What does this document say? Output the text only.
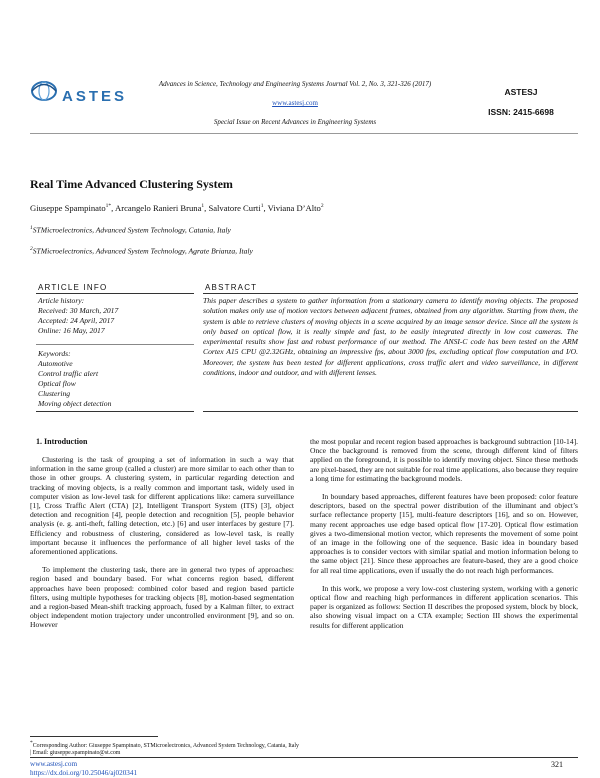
ASTES
Advances in Science, Technology and Engineering Systems Journal Vol. 2, No. 3, 321-326 (2017)
www.astesj.com
Special Issue on Recent Advances in Engineering Systems
ASTESJ
ISSN: 2415-6698
Real Time Advanced Clustering System
Giuseppe Spampinato$^{1*}$, Arcangelo Ranieri Bruna$^1$, Salvatore Curti$^1$, Viviana D’Alto$^2$
$^1$STMicroelectronics, Advanced System Technology, Catania, Italy
$^2$STMicroelectronics, Advanced System Technology, Agrate Brianza, Italy
ARTICLE INFO
Article history:
Received: 30 March, 2017
Accepted: 24 April, 2017
Online: 16 May, 2017
Keywords:
Automotive
Control traffic alert
Optical flow
Clustering
Moving object detection
ABSTRACT
This paper describes a system to gather information from a stationary camera to identify moving objects. The proposed solution makes only use of motion vectors between adjacent frames, obtained from any algorithm. Starting from them, the system is able to retrieve clusters of moving objects in a scene acquired by an image sensor device. Since all the system is only based on optical flow, it is really simple and fast, to be easily integrated directly in low cost cameras. The experimental results show fast and robust performance of our method. The ANSI-C code has been tested on the ARM Cortex A15 CPU @2.32GHz, obtaining an impressive fps, about 3000 fps, excluding optical flow computation and I/O. Moreover, the system has been tested for different applications, cross traffic alert and video surveillance, in different conditions, indoor and outdoor, and with different lenses.
1. Introduction

Clustering is the task of grouping a set of information in such a way that information in the same group (called a cluster) are more similar to each other than to those in other groups. A clustering system, in particular regarding detection and tracking of moving objects, is a really common and important task, widely used in computer vision as low-level task for different applications like: camera surveillance [1], Cross Traffic Alert (CTA) [2], Intelligent Transport System (ITS) [3], object detection and recognition [4], people detection and recognition [5], people behavior analysis (e. g. anti-theft, falling detection, etc.) [6] and user interfaces by gesture [7]. Efficiency and robustness of clustering, considered as low-level task, is really important because it influences the performance of all higher level tasks of the aforementioned applications.

To implement the clustering task, there are in general two types of approaches: region based and boundary based. For what concerns region based, different approaches have been proposed: combined color based and region based particle filters, using multiple hypotheses for tracking objects [8], motion-based segmentation and a region-based Mean-shift tracking approach, fused by a Kalman filter, to extract object independent motion trajectory under uncontrolled environment [9], and so on. However

the most popular and recent region based approaches is background subtraction [10-14]. Once the background is removed from the scene, through different kind of filters applied on the foreground, it is possible to identify moving object. Since these methods are pixel-based, they are not suitable for real time applications, also because they require a long time for estimating the background models.

In boundary based approaches, different features have been proposed: color feature descriptors, based on the spectral power distribution of the illuminant and object’s surface reflectance property [15], multi-feature descriptors [16], and so on. However, many recent approaches use edge based optical flow [17-20]. Optical flow estimation gives a two-dimensional motion vector, which represents the movement of some point of an image in the following one of the sequence. Basic idea in boundary based approaches is to consider vectors with similar spatial and motion information belong to the same object [21]. Since these approaches are feature-based, they are a good choice for all real time applications, even if usually the do not reach high performances.

In this work, we propose a very low-cost clustering system, working with a generic optical flow and reaching high performances in different application scenarios. This paper is organized as follows: Section II describes the proposed system, block by block, also showing visual impact on a CTA example; Section III shows the experimental results for different application

*Corresponding Author: Giuseppe Spampinato, STMicroelectronics, Advanced System Technology, Catania, Italy | Email: giuseppe.spampinato@st.com
www.astesj.com
https://dx.doi.org/10.25046/aj020341
321
